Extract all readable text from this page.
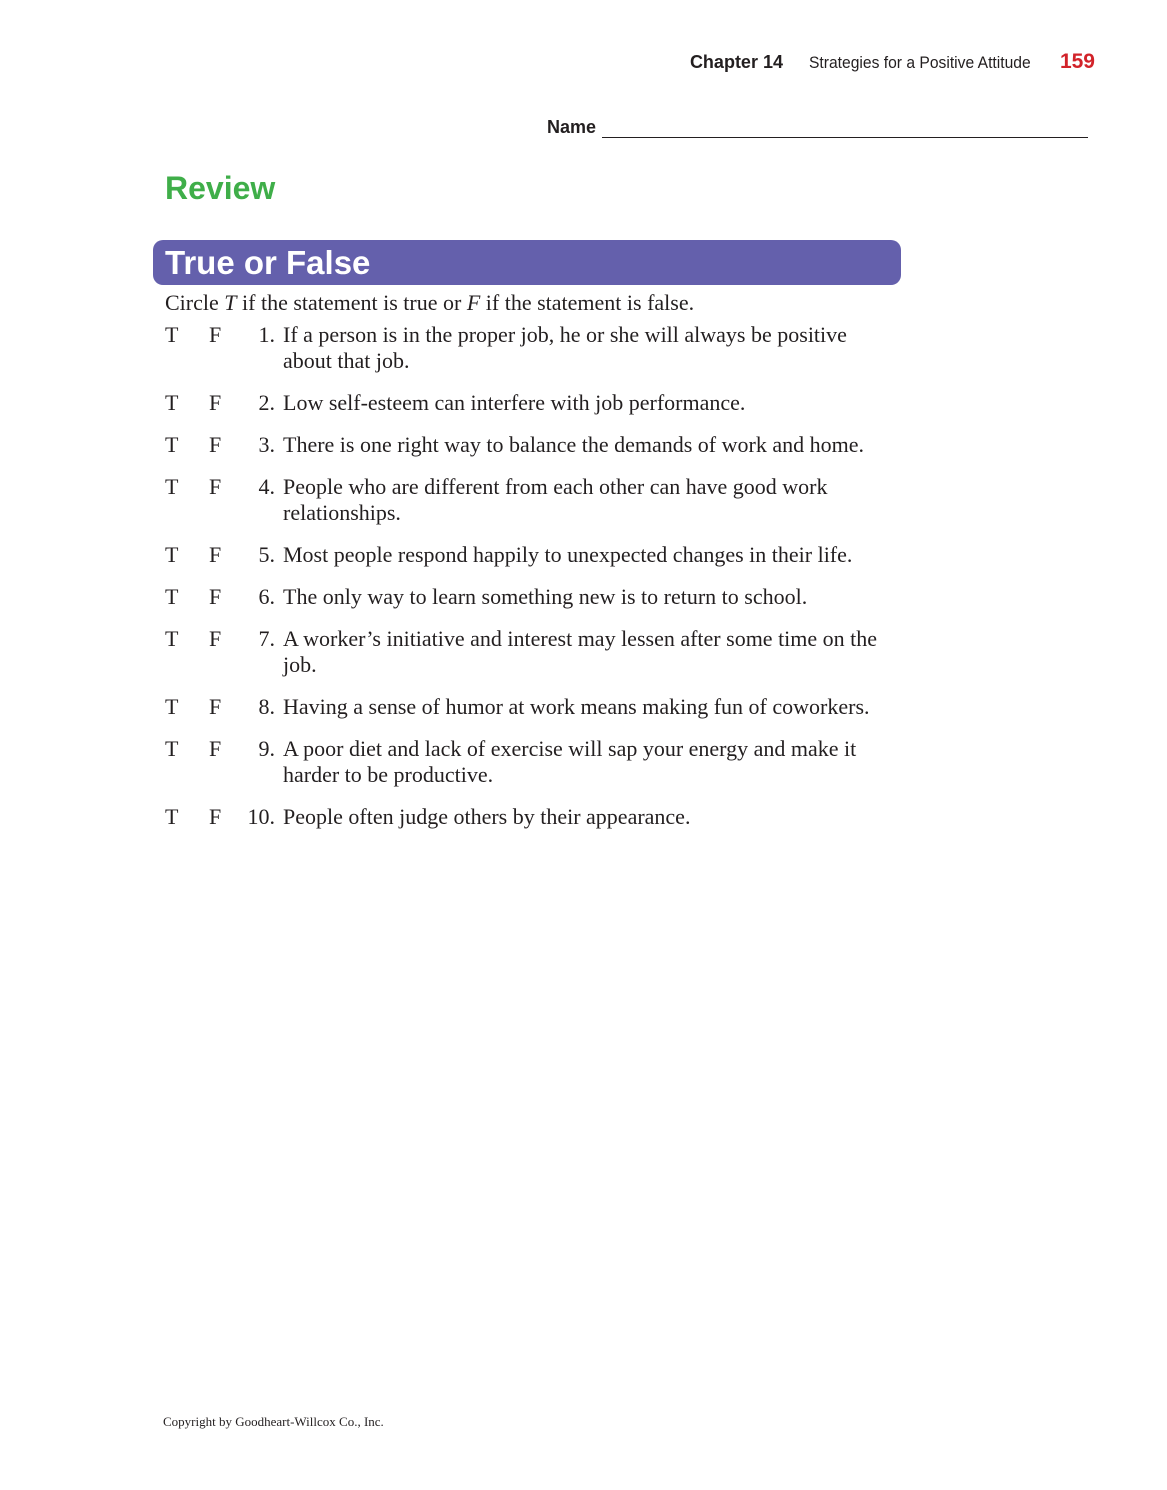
Chapter 14 Strategies for a Positive Attitude 159
Name
Review
True or False
Circle T if the statement is true or F if the statement is false.
T	F	1. If a person is in the proper job, he or she will always be positive about that job.
T	F	2. Low self-esteem can interfere with job performance.
T	F	3. There is one right way to balance the demands of work and home.
T	F	4. People who are different from each other can have good work relationships.
T	F	5. Most people respond happily to unexpected changes in their life.
T	F	6. The only way to learn something new is to return to school.
T	F	7. A worker’s initiative and interest may lessen after some time on the job.
T	F	8. Having a sense of humor at work means making fun of coworkers.
T	F	9. A poor diet and lack of exercise will sap your energy and make it harder to be productive.
T	F	10. People often judge others by their appearance.
Copyright by Goodheart-Willcox Co., Inc.
